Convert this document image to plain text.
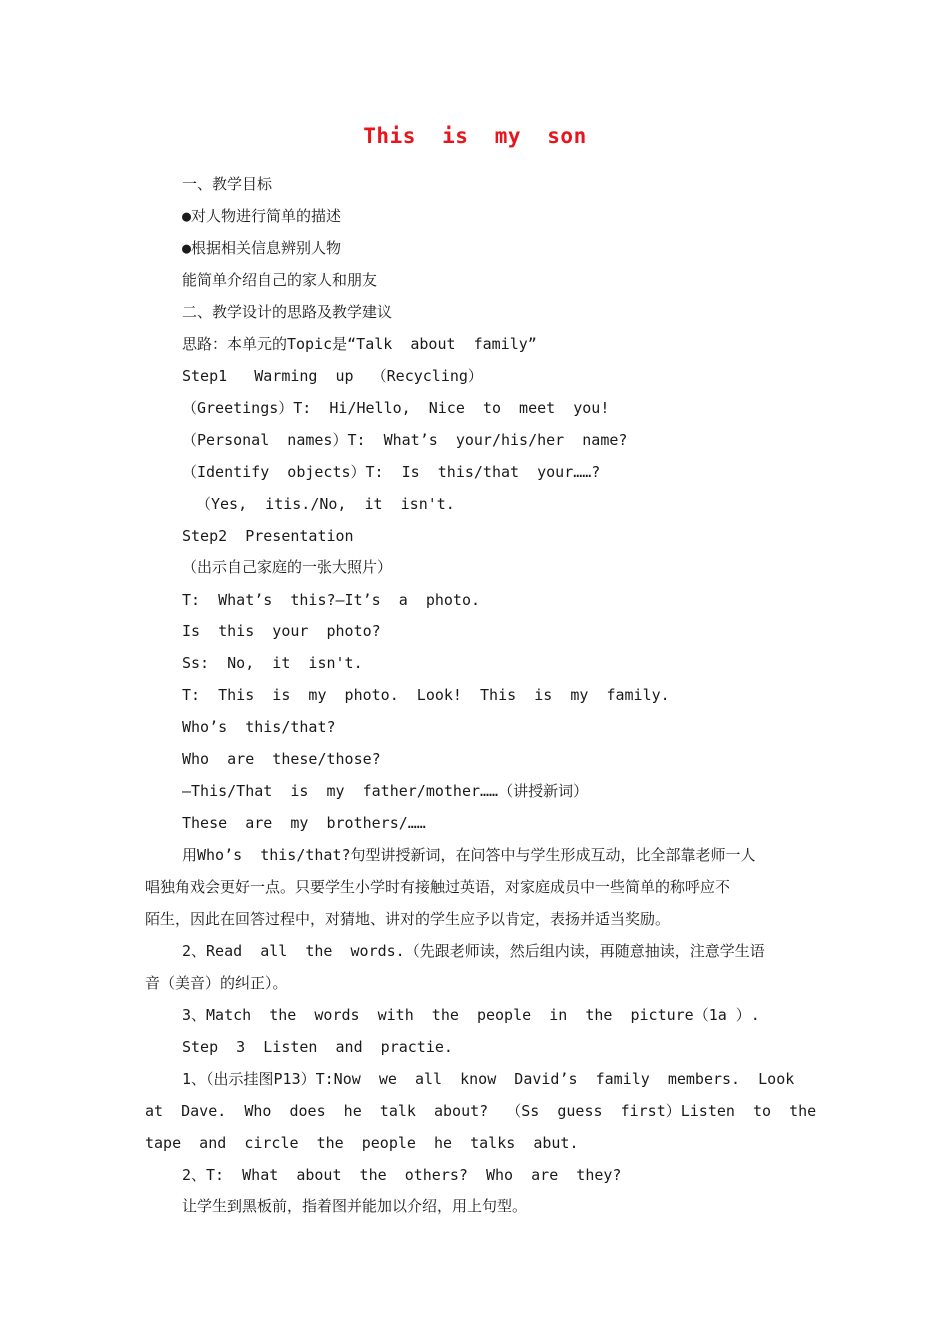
This  is  my  son
一、教学目标
●对人物进行简单的描述
●根据相关信息辨别人物
能简单介绍自己的家人和朋友
二、教学设计的思路及教学建议
思路：本单元的Topic是“Talk  about  family”
Step1   Warming  up  （Recycling）
（Greetings）T:  Hi/Hello,  Nice  to  meet  you!
（Personal  names）T:  What’s  your/his/her  name?
（Identify  objects）T:  Is  this/that  your……?
（Yes,  itis./No,  it  isn't.
Step2  Presentation
（出示自己家庭的一张大照片）
T:  What’s  this?—It’s  a  photo.
Is  this  your  photo?
Ss:  No,  it  isn't.
T:  This  is  my  photo.  Look!  This  is  my  family.
Who’s  this/that?
Who  are  these/those?
—This/That  is  my  father/mother……（讲授新词）
These  are  my  brothers/……
用Who’s  this/that?句型讲授新词，在问答中与学生形成互动，比全部靠老师一人
唱独角戏会更好一点。只要学生小学时有接触过英语，对家庭成员中一些简单的称呼应不
陌生，因此在回答过程中，对猜地、讲对的学生应予以肯定，表扬并适当奖励。
2、Read  all  the  words.（先跟老师读，然后组内读，再随意抽读，注意学生语
音（美音）的纠正）。
3、Match  the  words  with  the  people  in  the  picture（1a ）.
Step  3  Listen  and  practie.
1、（出示挂图P13）T:Now  we  all  know  David’s  family  members.  Look
at  Dave.  Who  does  he  talk  about?  （Ss  guess  first）Listen  to  the
tape  and  circle  the  people  he  talks  abut.
2、T:  What  about  the  others?  Who  are  they?
让学生到黑板前，指着图并能加以介绍，用上句型。
